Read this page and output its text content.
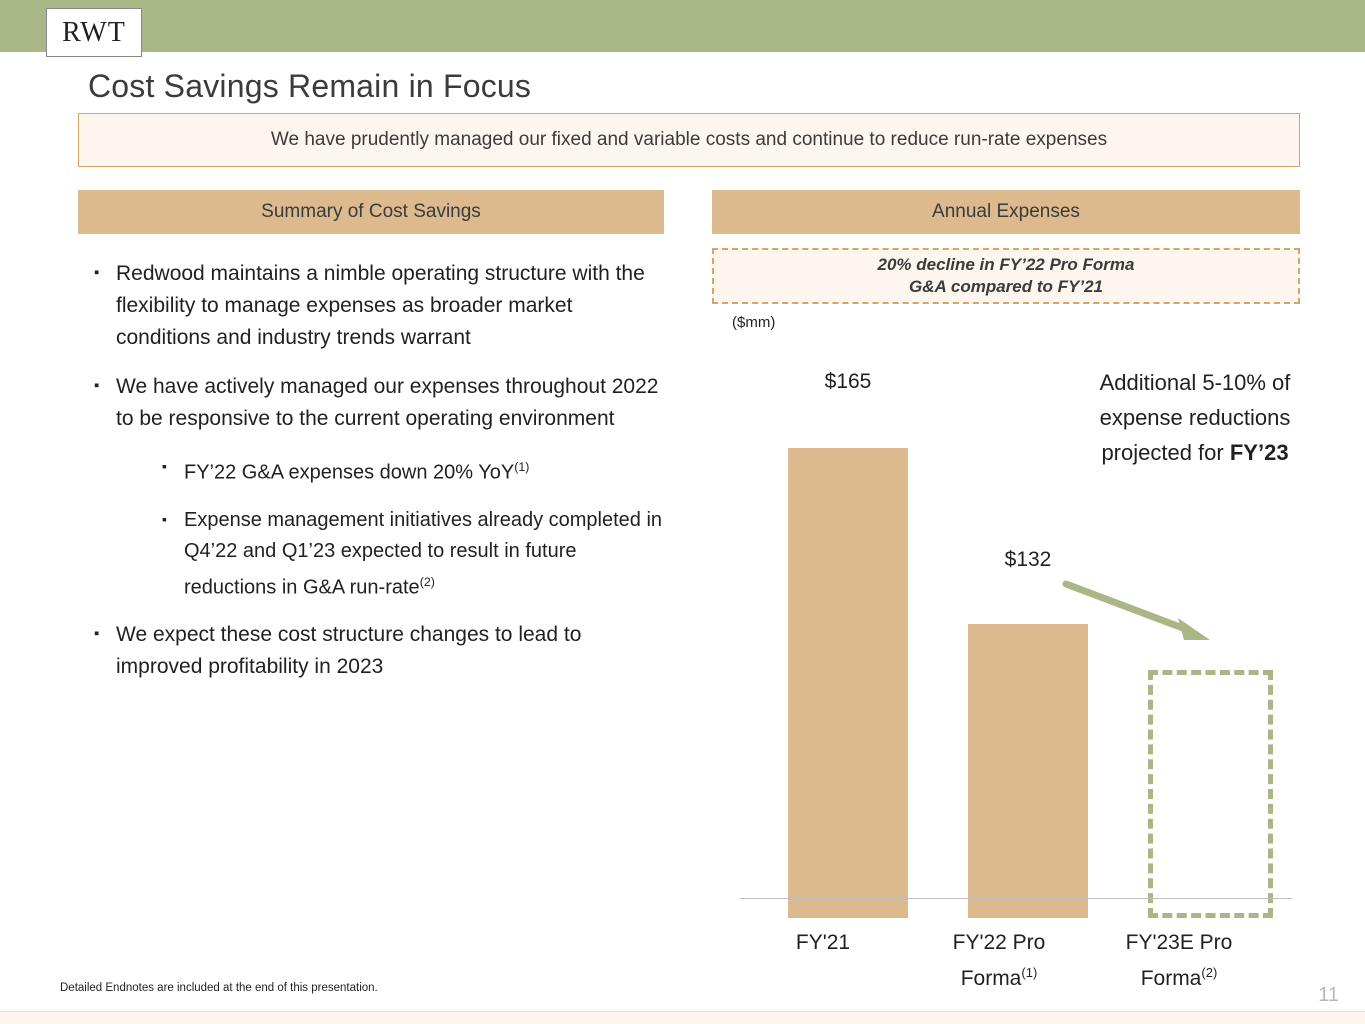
RWT
Cost Savings Remain in Focus
We have prudently managed our fixed and variable costs and continue to reduce run-rate expenses
Summary of Cost Savings	Annual Expenses
▪ Redwood maintains a nimble operating structure with the flexibility to manage expenses as broader market conditions and industry trends warrant
▪ We have actively managed our expenses throughout 2022 to be responsive to the current operating environment
▪ FY’22 G&A expenses down 20% YoY$^{(1)}$
▪ Expense management initiatives already completed in Q4’22 and Q1’23 expected to result in future reductions in G&A run-rate$^{(2)}$
▪ We expect these cost structure changes to lead to improved profitability in 2023
20% decline in FY’22 Pro Forma
G&A compared to FY’21
($mm)
$165
$132
FY'21	FY'22 Pro Forma$^{(1)}$
FY'23E Pro Forma$^{(2)}$
Additional 5-10% of expense reductions projected for FY’23
Detailed Endnotes are included at the end of this presentation.	11
